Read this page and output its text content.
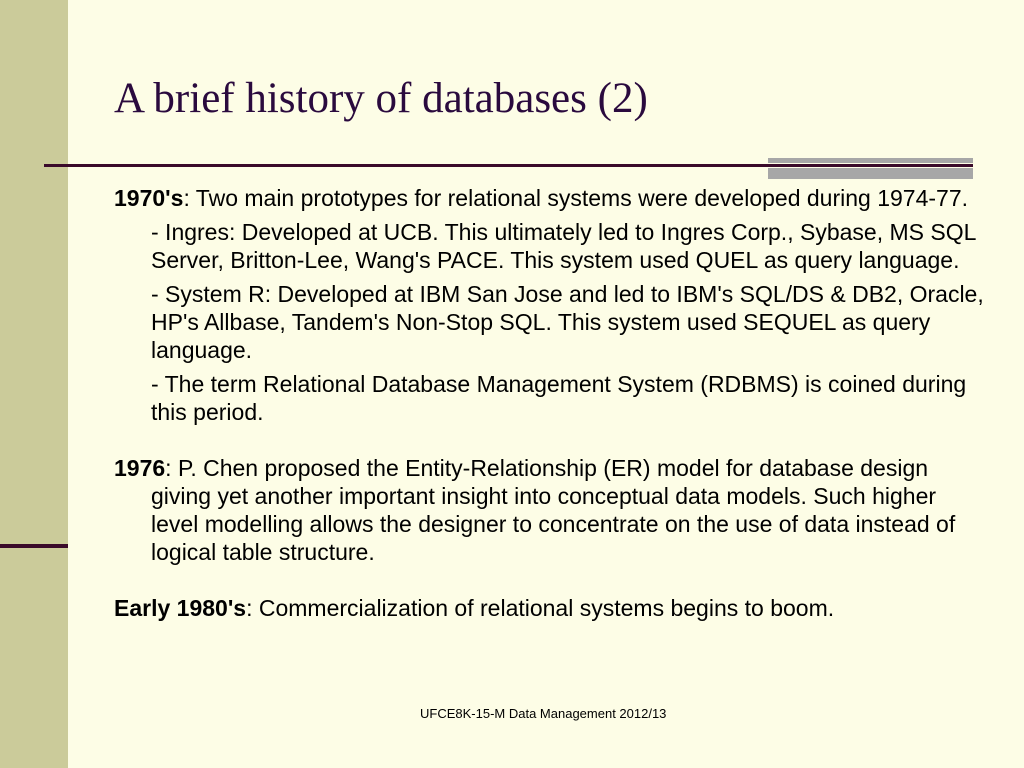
A brief history of databases (2)

1970's: Two main prototypes for relational systems were developed during 1974-77.

- Ingres: Developed at UCB. This ultimately led to Ingres Corp., Sybase, MS SQL Server, Britton-Lee, Wang's PACE. This system used QUEL as query language.

- System R: Developed at IBM San Jose and led to IBM's SQL/DS & DB2, Oracle, HP's Allbase, Tandem's Non-Stop SQL. This system used SEQUEL as query language.

- The term Relational Database Management System (RDBMS) is coined during this period.

1976: P. Chen proposed the Entity-Relationship (ER) model for database design giving yet another important insight into conceptual data models. Such higher level modelling allows the designer to concentrate on the use of data instead of logical table structure.

Early 1980's: Commercialization of relational systems begins to boom.

UFCE8K-15-M Data Management 2012/13
